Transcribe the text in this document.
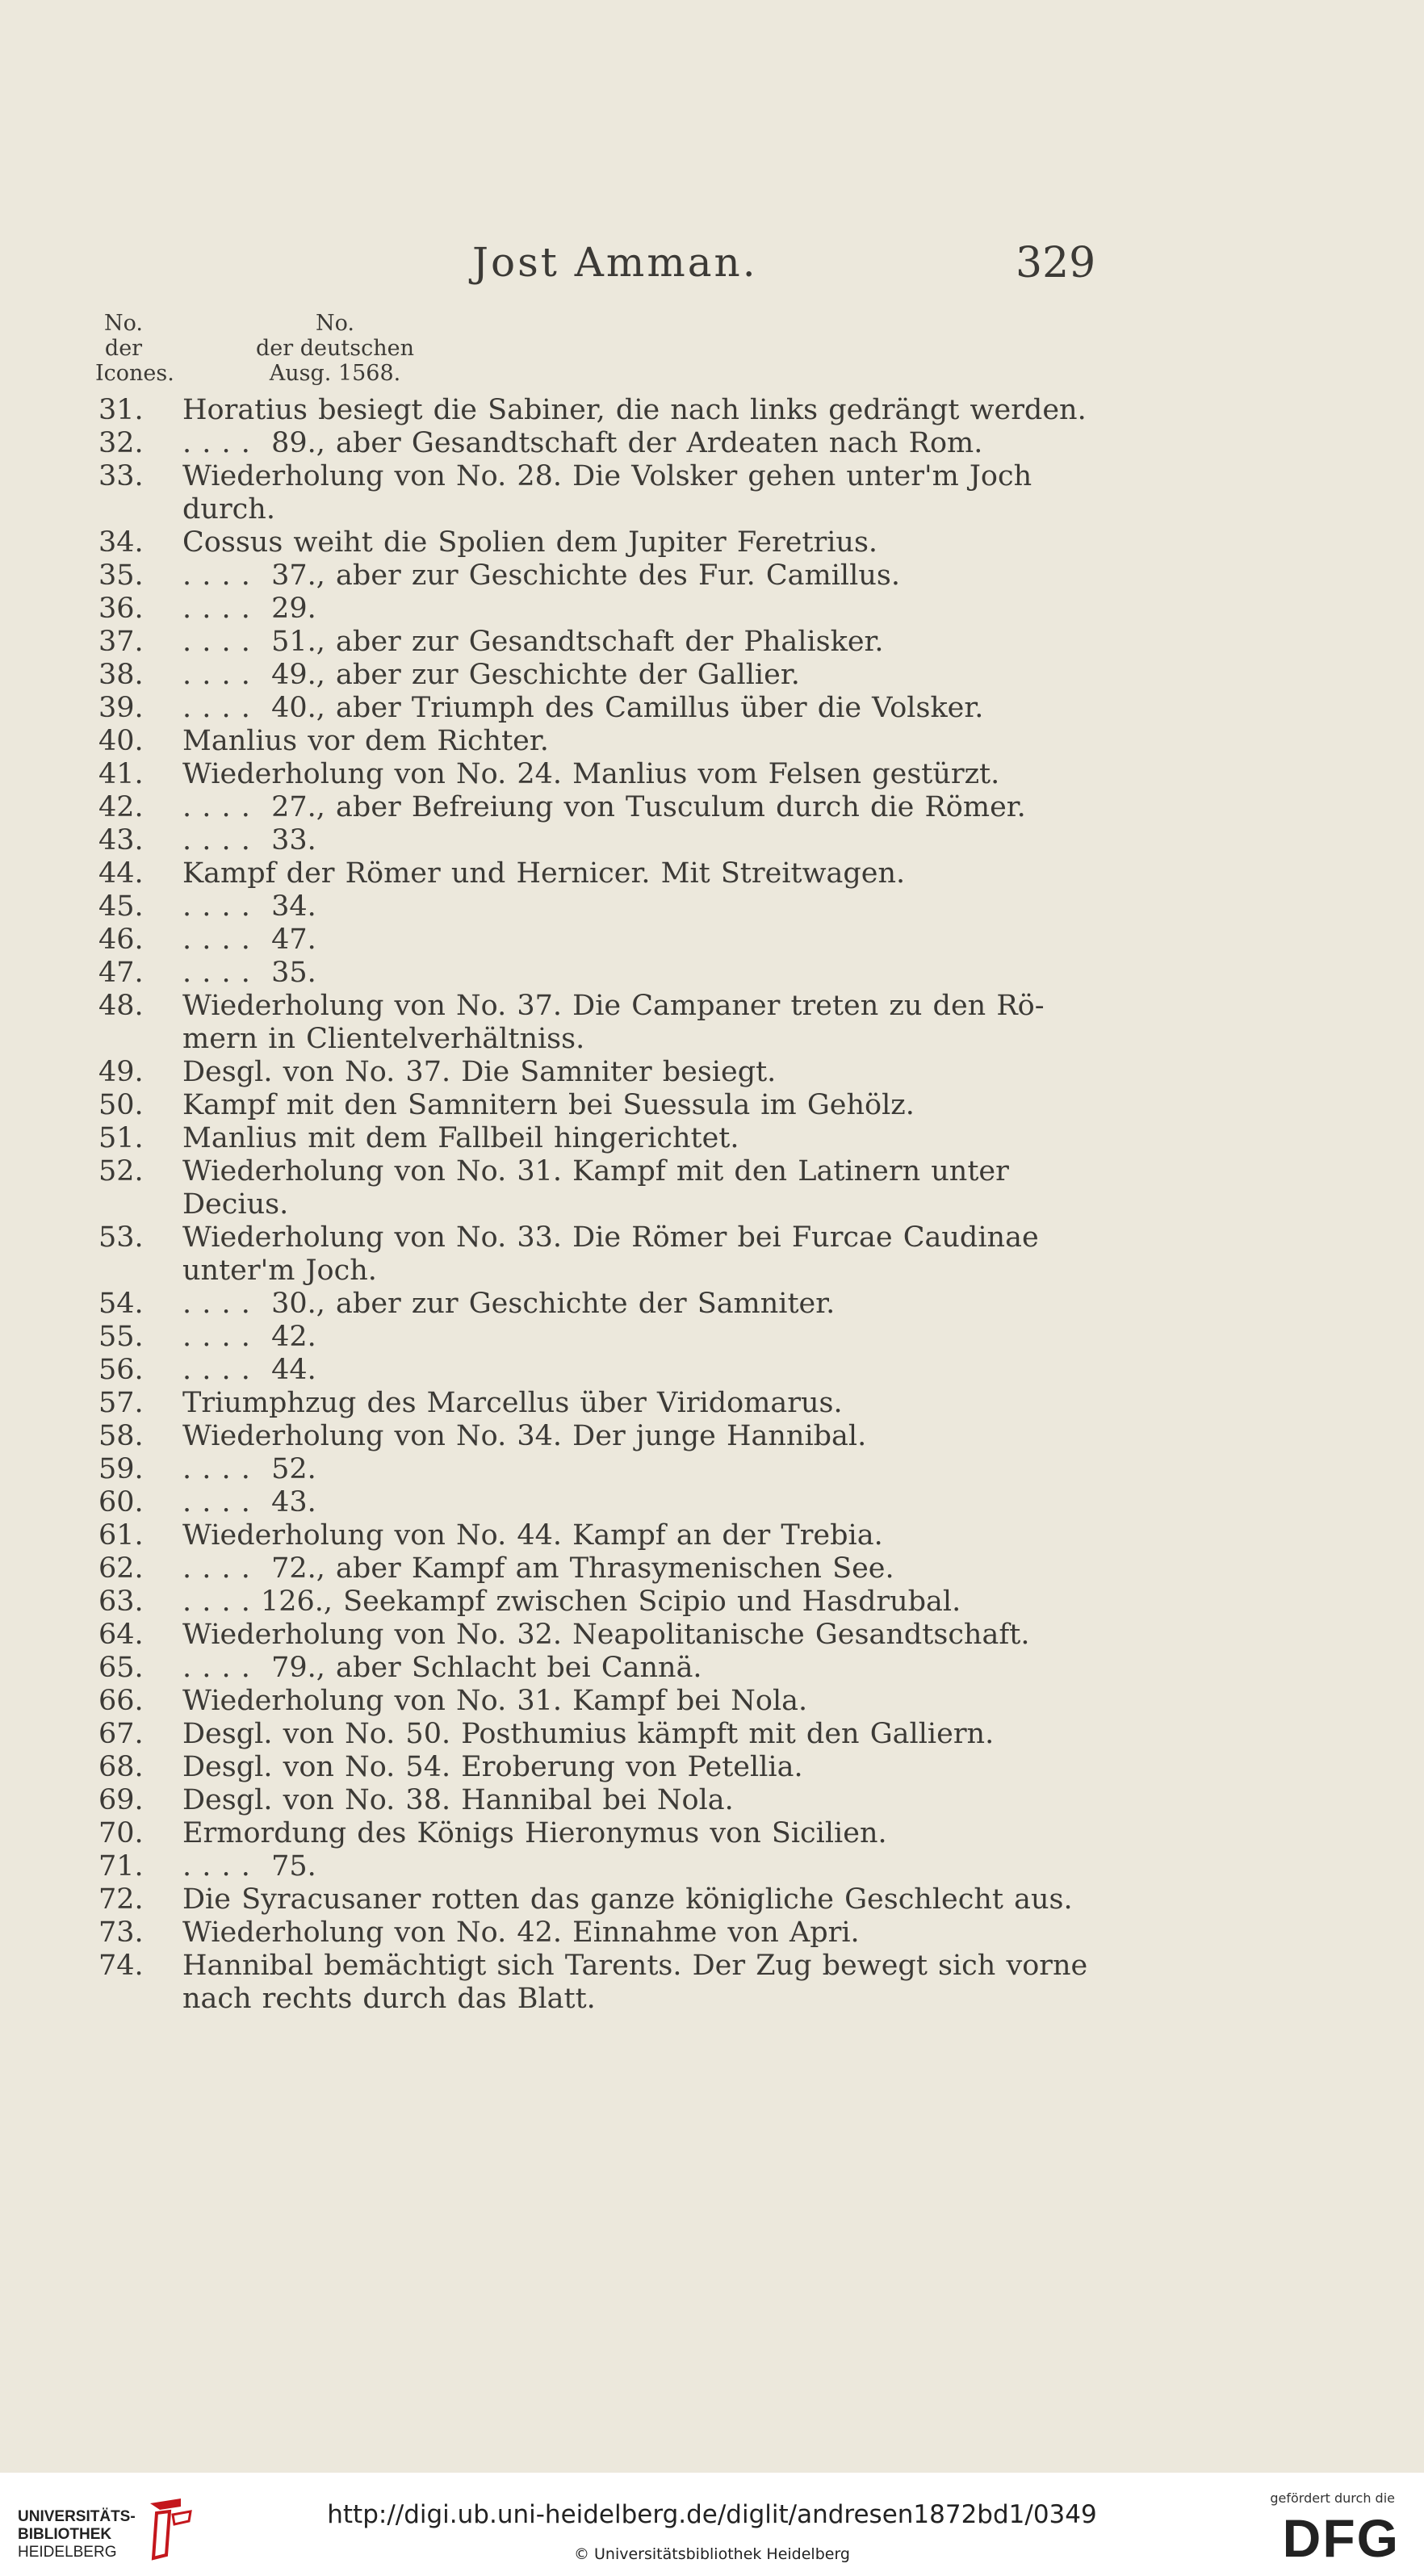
Jost Amman.	329
No.
der
Icones.
No.
der deutschen
Ausg. 1568.
31.	Horatius besiegt die Sabiner, die nach links gedrängt werden.
32.	. . . .  89., aber Gesandtschaft der Ardeaten nach Rom.
33.	Wiederholung von No. 28. Die Volsker gehen unter'm Joch durch.
34.	Cossus weiht die Spolien dem Jupiter Feretrius.
35.	. . . .  37., aber zur Geschichte des Fur. Camillus.
36.	. . . .  29.
37.	. . . .  51., aber zur Gesandtschaft der Phalisker.
38.	. . . .  49., aber zur Geschichte der Gallier.
39.	. . . .  40., aber Triumph des Camillus über die Volsker.
40.	Manlius vor dem Richter.
41.	Wiederholung von No. 24. Manlius vom Felsen gestürzt.
42.	. . . .  27., aber Befreiung von Tusculum durch die Römer.
43.	. . . .  33.
44.	Kampf der Römer und Hernicer. Mit Streitwagen.
45.	. . . .  34.
46.	. . . .  47.
47.	. . . .  35.
48.	Wiederholung von No. 37. Die Campaner treten zu den Rö- mern in Clientelverhältniss.
49.	Desgl. von No. 37. Die Samniter besiegt.
50.	Kampf mit den Samnitern bei Suessula im Gehölz.
51.	Manlius mit dem Fallbeil hingerichtet.
52.	Wiederholung von No. 31. Kampf mit den Latinern unter Decius.
53.	Wiederholung von No. 33. Die Römer bei Furcae Caudinae unter'm Joch.
54.	. . . .  30., aber zur Geschichte der Samniter.
55.	. . . .  42.
56.	. . . .  44.
57.	Triumphzug des Marcellus über Viridomarus.
58.	Wiederholung von No. 34. Der junge Hannibal.
59.	. . . .  52.
60.	. . . .  43.
61.	Wiederholung von No. 44. Kampf an der Trebia.
62.	. . . .  72., aber Kampf am Thrasymenischen See.
63.	. . . . 126., Seekampf zwischen Scipio und Hasdrubal.
64.	Wiederholung von No. 32. Neapolitanische Gesandtschaft.
65.	. . . .  79., aber Schlacht bei Cannä.
66.	Wiederholung von No. 31. Kampf bei Nola.
67.	Desgl. von No. 50. Posthumius kämpft mit den Galliern.
68.	Desgl. von No. 54. Eroberung von Petellia.
69.	Desgl. von No. 38. Hannibal bei Nola.
70.	Ermordung des Königs Hieronymus von Sicilien.
71.	. . . .  75.
72.	Die Syracusaner rotten das ganze königliche Geschlecht aus.
73.	Wiederholung von No. 42. Einnahme von Apri.
74.	Hannibal bemächtigt sich Tarents. Der Zug bewegt sich vorne nach rechts durch das Blatt.
UNIVERSITÄTS-
BIBLIOTHEK
HEIDELBERG
http://digi.ub.uni-heidelberg.de/diglit/andresen1872bd1/0349
© Universitätsbibliothek Heidelberg
gefördert durch die
DFG
